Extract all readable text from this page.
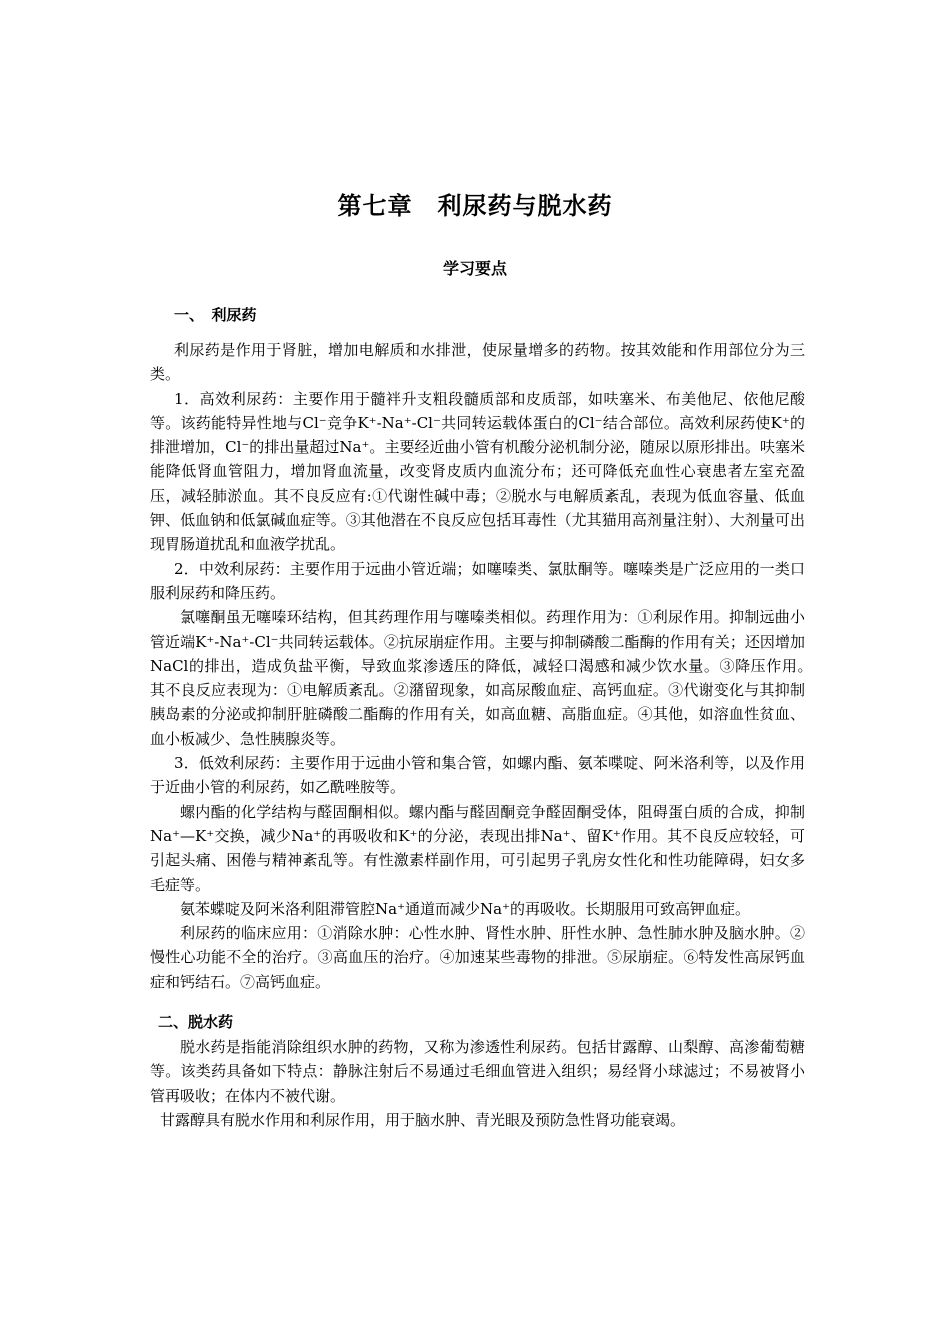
第七章　利尿药与脱水药
学习要点
一、　利尿药

利尿药是作用于肾脏，增加电解质和水排泄，使尿量增多的药物。按其效能和作用部位分为三类。

1．高效利尿药：主要作用于髓袢升支粗段髓质部和皮质部，如呋塞米、布美他尼、依他尼酸等。该药能特异性地与Cl⁻竞争K⁺-Na⁺-Cl⁻共同转运载体蛋白的Cl⁻结合部位。高效利尿药使K⁺的排泄增加，Cl⁻的排出量超过Na⁺。主要经近曲小管有机酸分泌机制分泌，随尿以原形排出。呋塞米能降低肾血管阻力，增加肾血流量，改变肾皮质内血流分布；还可降低充血性心衰患者左室充盈压，减轻肺淤血。其不良反应有:①代谢性碱中毒；②脱水与电解质紊乱，表现为低血容量、低血钾、低血钠和低氯碱血症等。③其他潜在不良反应包括耳毒性（尤其猫用高剂量注射）、大剂量可出现胃肠道扰乱和血液学扰乱。

2．中效利尿药：主要作用于远曲小管近端；如噻嗪类、氯肽酮等。噻嗪类是广泛应用的一类口服利尿药和降压药。

氯噻酮虽无噻嗪环结构，但其药理作用与噻嗪类相似。药理作用为：①利尿作用。抑制远曲小管近端K⁺-Na⁺-Cl⁻共同转运载体。②抗尿崩症作用。主要与抑制磷酸二酯酶的作用有关；还因增加NaCl的排出，造成负盐平衡，导致血浆渗透压的降低，减轻口渴感和减少饮水量。③降压作用。　其不良反应表现为：①电解质紊乱。②潴留现象，如高尿酸血症、高钙血症。③代谢变化与其抑制胰岛素的分泌或抑制肝脏磷酸二酯酶的作用有关，如高血糖、高脂血症。④其他，如溶血性贫血、血小板减少、急性胰腺炎等。

3．低效利尿药：主要作用于远曲小管和集合管，如螺内酯、氨苯喋啶、阿米洛利等，以及作用于近曲小管的利尿药，如乙酰唑胺等。

螺内酯的化学结构与醛固酮相似。螺内酯与醛固酮竞争醛固酮受体，阻碍蛋白质的合成，抑制Na⁺—K⁺交换，减少Na⁺的再吸收和K⁺的分泌，表现出排Na⁺、留K⁺作用。其不良反应较轻，可引起头痛、困倦与精神紊乱等。有性激素样副作用，可引起男子乳房女性化和性功能障碍，妇女多毛症等。

氨苯蝶啶及阿米洛利阻滞管腔Na⁺通道而减少Na⁺的再吸收。长期服用可致高钾血症。

利尿药的临床应用：①消除水肿：心性水肿、肾性水肿、肝性水肿、急性肺水肿及脑水肿。②慢性心功能不全的治疗。③高血压的治疗。④加速某些毒物的排泄。⑤尿崩症。⑥特发性高尿钙血症和钙结石。⑦高钙血症。

二、脱水药

脱水药是指能消除组织水肿的药物，又称为渗透性利尿药。包括甘露醇、山梨醇、高渗葡萄糖等。该类药具备如下特点：静脉注射后不易通过毛细血管进入组织；易经肾小球滤过；不易被肾小管再吸收；在体内不被代谢。

甘露醇具有脱水作用和利尿作用，用于脑水肿、青光眼及预防急性肾功能衰竭。
